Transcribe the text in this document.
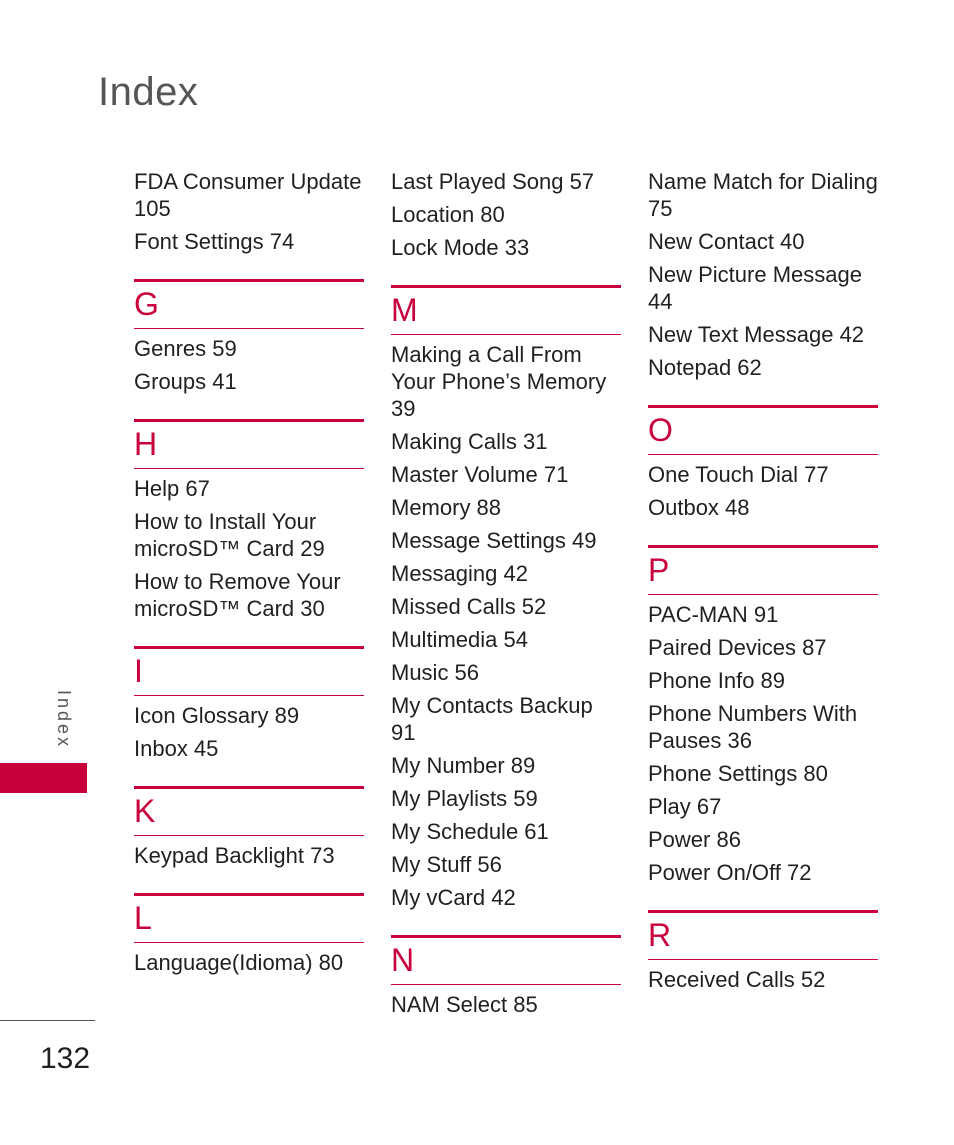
Index
FDA Consumer Update 105
Font Settings 74
G
Genres 59
Groups 41
H
Help 67
How to Install Your microSD™ Card 29
How to Remove Your microSD™ Card 30
I
Icon Glossary 89
Inbox 45
K
Keypad Backlight 73
L
Language(Idioma) 80
Last Played Song 57
Location 80
Lock Mode 33
M
Making a Call From Your Phone’s Memory 39
Making Calls 31
Master Volume 71
Memory 88
Message Settings 49
Messaging 42
Missed Calls 52
Multimedia 54
Music 56
My Contacts Backup 91
My Number 89
My Playlists 59
My Schedule 61
My Stuff 56
My vCard 42
N
NAM Select 85
Name Match for Dialing 75
New Contact 40
New Picture Message 44
New Text Message 42
Notepad 62
O
One Touch Dial 77
Outbox 48
P
PAC-MAN 91
Paired Devices 87
Phone Info 89
Phone Numbers With Pauses 36
Phone Settings 80
Play 67
Power 86
Power On/Off 72
R
Received Calls 52
Index
132
